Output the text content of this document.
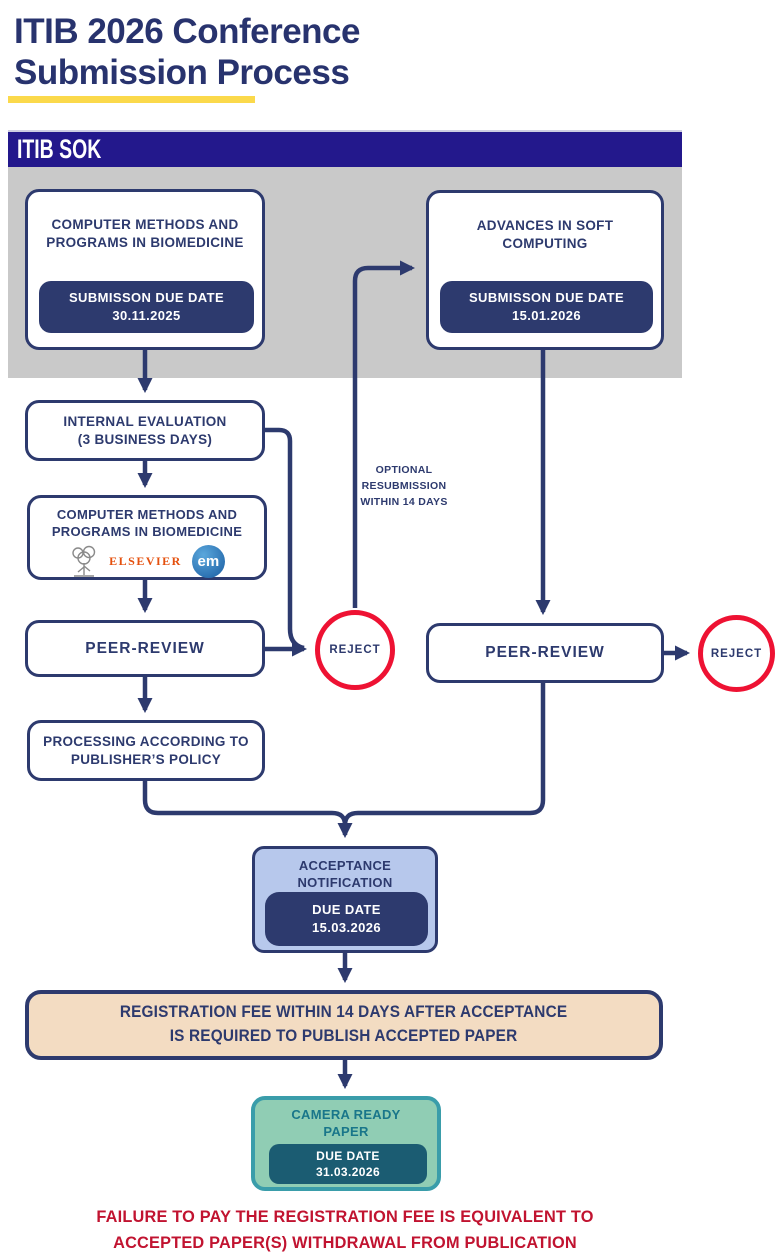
ITIB 2026 Conference
Submission Process
ITIB SOK
COMPUTER METHODS AND
PROGRAMS IN BIOMEDICINE
SUBMISSON DUE DATE
30.11.2025
ADVANCES IN SOFT
COMPUTING
SUBMISSON DUE DATE
15.01.2026
INTERNAL EVALUATION
(3 BUSINESS DAYS)
COMPUTER METHODS AND
PROGRAMS IN BIOMEDICINE
ELSEVIER	em
PEER-REVIEW	REJECT
OPTIONAL
RESUBMISSION
WITHIN 14 DAYS
PEER-REVIEW	REJECT
PROCESSING ACCORDING TO
PUBLISHER’S POLICY
ACCEPTANCE
NOTIFICATION
DUE DATE
15.03.2026
REGISTRATION FEE WITHIN 14 DAYS AFTER ACCEPTANCE
IS REQUIRED TO PUBLISH ACCEPTED PAPER
CAMERA READY
PAPER
DUE DATE
31.03.2026
FAILURE TO PAY THE REGISTRATION FEE IS EQUIVALENT TO
ACCEPTED PAPER(S) WITHDRAWAL FROM PUBLICATION
